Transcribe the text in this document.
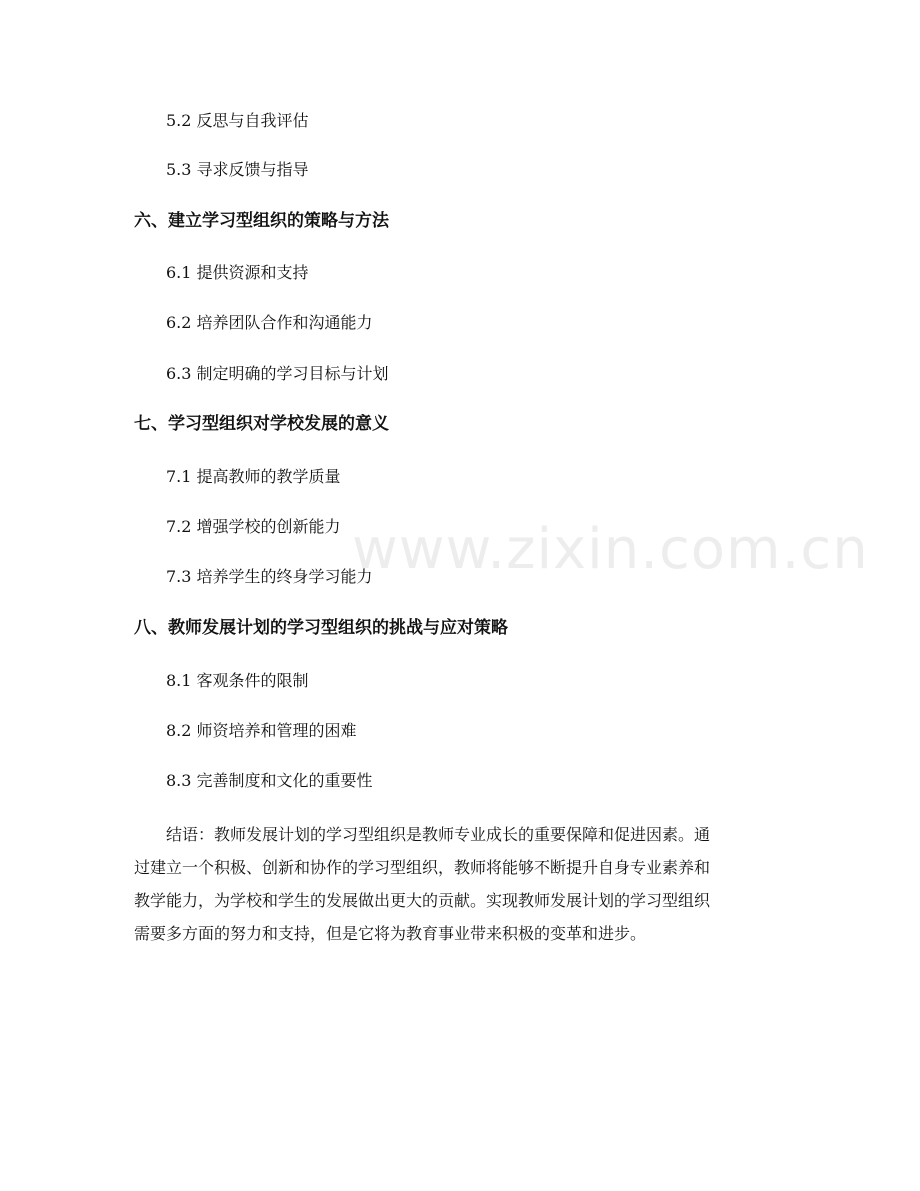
www.zixin.com.cn
5.2 反思与自我评估
5.3 寻求反馈与指导
六、建立学习型组织的策略与方法
6.1 提供资源和支持
6.2 培养团队合作和沟通能力
6.3 制定明确的学习目标与计划
七、学习型组织对学校发展的意义
7.1 提高教师的教学质量
7.2 增强学校的创新能力
7.3 培养学生的终身学习能力
八、教师发展计划的学习型组织的挑战与应对策略
8.1 客观条件的限制
8.2 师资培养和管理的困难
8.3 完善制度和文化的重要性
结语：教师发展计划的学习型组织是教师专业成长的重要保障和促进因素。通
过建立一个积极、创新和协作的学习型组织，教师将能够不断提升自身专业素养和
教学能力，为学校和学生的发展做出更大的贡献。实现教师发展计划的学习型组织
需要多方面的努力和支持，但是它将为教育事业带来积极的变革和进步。
